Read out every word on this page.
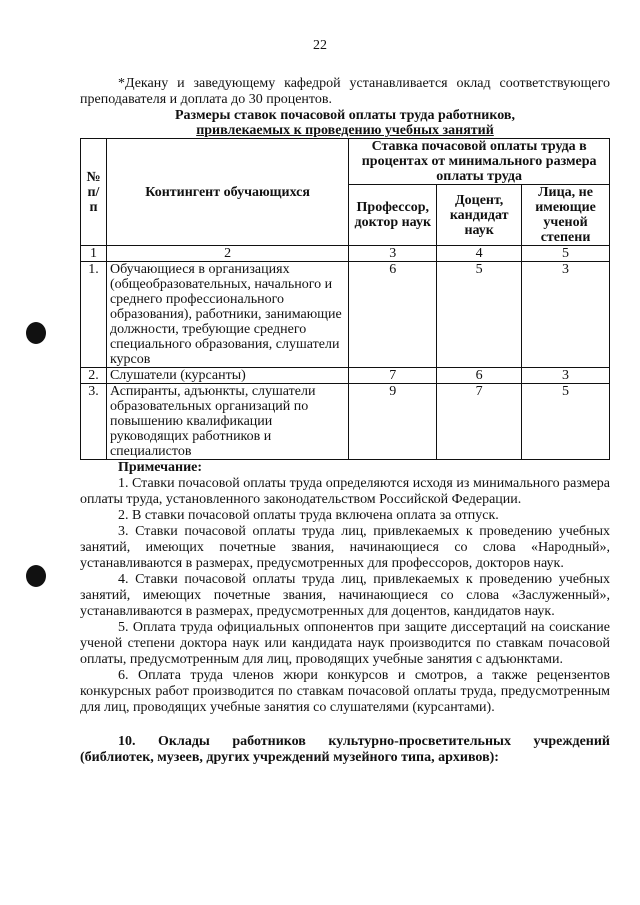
22

*Декану и заведующему кафедрой устанавливается оклад соответствующего преподавателя и доплата до 30 процентов.

Размеры ставок почасовой оплаты труда работников,
привлекаемых к проведению учебных занятий
№ п/п	Контингент обучающихся	Ставка почасовой оплаты труда в процентах от минимального размера оплаты труда		
		Профессор, доктор наук	Доцент, кандидат наук	Лица, не имеющие ученой степени
1	2	3	4	5
1.	Обучающиеся в организациях (общеобразовательных, начального и среднего профессионального образования), работники, занимающие должности, требующие среднего специального образования, слушатели курсов	6	5	3
2.	Слушатели (курсанты)	7	6	3
3.	Аспиранты, адъюнкты, слушатели образовательных организаций по повышению квалификации руководящих работников и специалистов	9	7	5

Примечание:

1. Ставки почасовой оплаты труда определяются исходя из минимального размера оплаты труда, установленного законодательством Российской Федерации.

2. В ставки почасовой оплаты труда включена оплата за отпуск.

3. Ставки почасовой оплаты труда лиц, привлекаемых к проведению учебных занятий, имеющих почетные звания, начинающиеся со слова «Народный», устанавливаются в размерах, предусмотренных для профессоров, докторов наук.

4. Ставки почасовой оплаты труда лиц, привлекаемых к проведению учебных занятий, имеющих почетные звания, начинающиеся со слова «Заслуженный», устанавливаются в размерах, предусмотренных для доцентов, кандидатов наук.

5. Оплата труда официальных оппонентов при защите диссертаций на соискание ученой степени доктора наук или кандидата наук производится по ставкам почасовой оплаты, предусмотренным для лиц, проводящих учебные занятия с адъюнктами.

6. Оплата труда членов жюри конкурсов и смотров, а также рецензентов конкурсных работ производится по ставкам почасовой оплаты труда, предусмотренным для лиц, проводящих учебные занятия со слушателями (курсантами).

10. Оклады работников культурно-просветительных учреждений (библиотек, музеев, других учреждений музейного типа, архивов):
